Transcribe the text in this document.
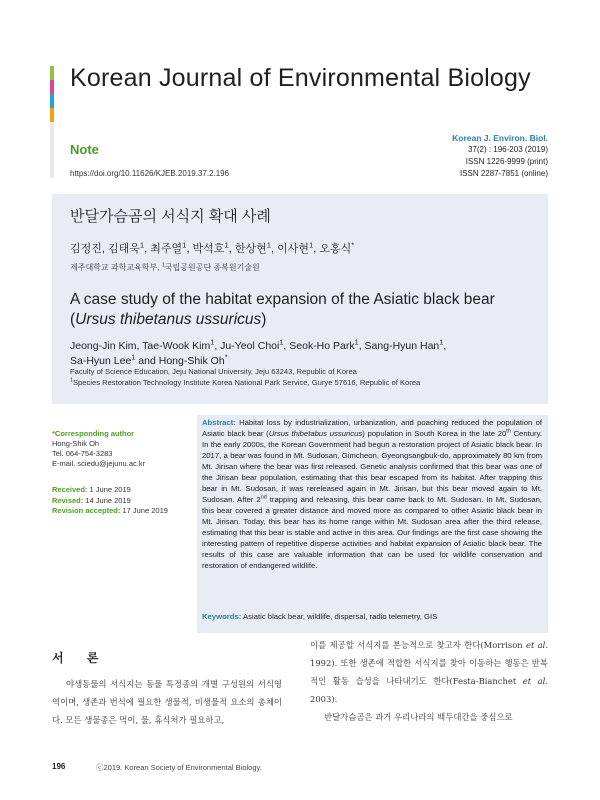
Korean Journal of Environmental Biology
Note
https://doi.org/10.11626/KJEB.2019.37.2.196
Korean J. Environ. Biol.
37(2) : 196-203 (2019)
ISSN 1226-9999 (print)
ISSN 2287-7851 (online)
반달가슴곰의 서식지 확대 사례
김정진, 김태욱$^1$, 최주열$^1$, 박석호$^1$, 한상현$^1$, 이사현$^1$, 오홍식*
제주대학교 과학교육학부, $^1$국립공원공단 종복원기술원
A case study of the habitat expansion of the Asiatic black bear
(Ursus thibetanus ussuricus)
Jeong-Jin Kim, Tae-Wook Kim$^1$, Ju-Yeol Choi$^1$, Seok-Ho Park$^1$, Sang-Hyun Han$^1$,
Sa-Hyun Lee$^1$ and Hong-Shik Oh*
Faculty of Science Education, Jeju National University, Jeju 63243, Republic of Korea
$^1$Species Restoration Technology Institute Korea National Park Service, Gurye 57616, Republic of Korea
*Corresponding author
Hong-Shik Oh
Tel. 064-754-3283
E-mail. sciedu@jejunu.ac.kr
Received: 1 June 2019
Revised: 14 June 2019
Revision accepted: 17 June 2019
Abstract: Habitat loss by industrialization, urbanization, and poaching reduced the population of Asiatic black bear (Ursus thibetabus ussuricus) population in South Korea in the late 20th Century. In the early 2000s, the Korean Government had begun a restoration project of Asiatic black bear. In 2017, a bear was found in Mt. Sudosan, Gimcheon, Gyeongsangbuk-do, approximately 80 km from Mt. Jirisan where the bear was first released. Genetic analysis confirmed that this bear was one of the Jirisan bear population, estimating that this bear escaped from its habitat. After trapping this bear in Mt. Sudosan, it was rereleased again in Mt. Jirisan, but this bear moved again to Mt. Sudosan. After 2nd trapping and releasing, this bear came back to Mt. Sudosan. In Mt. Sudosan, this bear covered a greater distance and moved more as compared to other Asiatic black bear in Mt. Jirisan. Today, this bear has its home range within Mt. Sudosan area after the third release, estimating that this bear is stable and active in this area. Our findings are the first case showing the interesting pattern of repetitive disperse activities and habitat expansion of Asiatic black bear. The results of this case are valuable information that can be used for wildlife conservation and restoration of endangered wildlife.
Keywords: Asiatic black bear, wildlife, dispersal, radio telemetry, GIS
서 론
야생동물의 서식지는 동물 특정종의 개별 구성원의 서식영역이며, 생존과 번식에 필요한 생물적, 비생물적 요소의 총체이다. 모든 생물종은 먹이, 물, 휴식처가 필요하고,
이를 제공할 서식지를 본능적으로 찾고자 한다(Morrison et al. 1992). 또한 생존에 적합한 서식지를 찾아 이동하는 행동은 반복적인 활동 습성을 나타내기도 한다(Festa-Bianchet et al. 2003).
반달가슴곰은 과거 우리나라의 백두대간을 중심으로
196	ⓒ2019. Korean Society of Environmental Biology.
